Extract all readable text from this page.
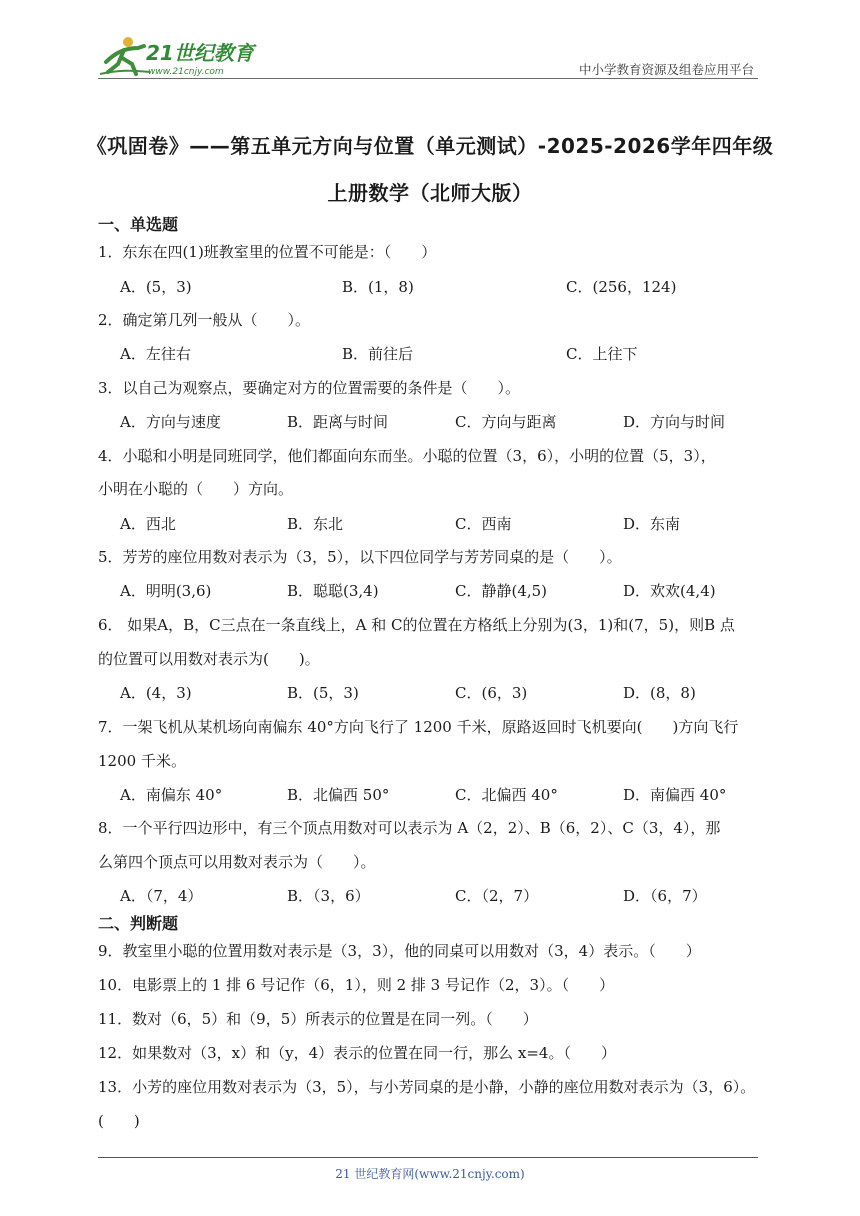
21世纪教育
www.21cnjy.com	中小学教育资源及组卷应用平台
《巩固卷》——第五单元方向与位置（单元测试）-2025-2026学年四年级
上册数学（北师大版）
一、单选题
1．东东在四(1)班教室里的位置不可能是：（　　）
A．(5，3)	B．(1，8)	C．(256，124)
2．确定第几列一般从（　　）。
A．左往右	B．前往后	C．上往下
3．以自己为观察点，要确定对方的位置需要的条件是（　　）。
A．方向与速度	B．距离与时间	C．方向与距离	D．方向与时间
4．小聪和小明是同班同学，他们都面向东而坐。小聪的位置（3，6），小明的位置（5，3），
小明在小聪的（　　）方向。
A．西北	B．东北	C．西南	D．东南
5．芳芳的座位用数对表示为（3，5），以下四位同学与芳芳同桌的是（　　）。
A．明明(3,6)	B．聪聪(3,4)	C．静静(4,5)	D．欢欢(4,4)
6． 如果A，B，C三点在一条直线上，A 和 C的位置在方格纸上分别为(3，1)和(7，5)，则B 点
的位置可以用数对表示为(　　)。
A．(4，3)	B．(5，3)	C．(6，3)	D．(8，8)
7．一架飞机从某机场向南偏东 40°方向飞行了 1200 千米，原路返回时飞机要向(　　)方向飞行
1200 千米。
A．南偏东 40°	B．北偏西 50°	C．北偏西 40°	D．南偏西 40°
8．一个平行四边形中，有三个顶点用数对可以表示为 A（2，2）、B（6，2）、C（3，4），那
么第四个顶点可以用数对表示为（　　）。
A．（7，4）	B．（3，6）	C．（2，7）	D．（6，7）
二、判断题
9．教室里小聪的位置用数对表示是（3，3），他的同桌可以用数对（3，4）表示。（　　）
10．电影票上的 1 排 6 号记作（6，1），则 2 排 3 号记作（2，3）。（　　）
11．数对（6，5）和（9，5）所表示的位置是在同一列。（　　）
12．如果数对（3，x）和（y，4）表示的位置在同一行，那么 x=4。（　　）
13．小芳的座位用数对表示为（3，5），与小芳同桌的是小静，小静的座位用数对表示为（3，6）。
(　　)
21 世纪教育网(www.21cnjy.com)
